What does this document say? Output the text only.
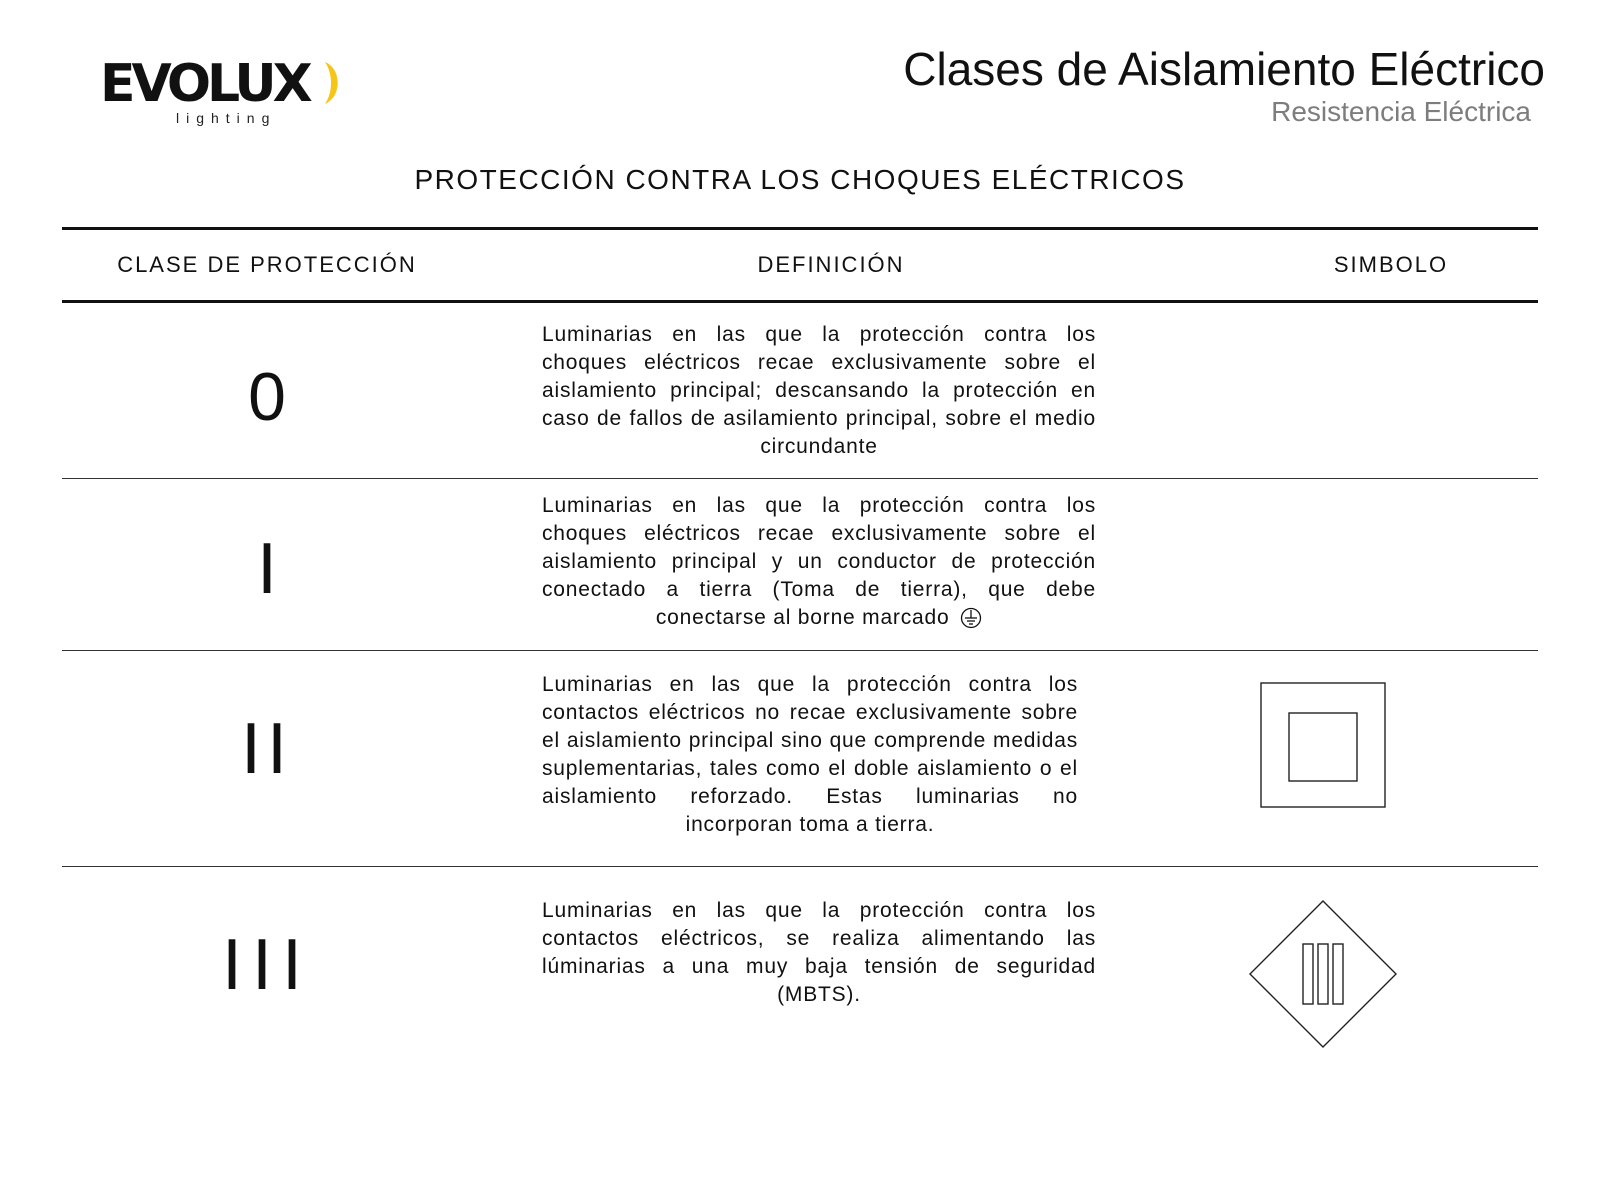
EVOLUX
lighting
Clases de Aislamiento Eléctrico
Resistencia Eléctrica
PROTECCIÓN CONTRA LOS CHOQUES ELÉCTRICOS
CLASE DE PROTECCIÓN	DEFINICIÓN	SIMBOLO
0
Luminarias en las que la protección contra los choques eléctricos recae exclusivamente sobre el aislamiento principal; descansando la protección en caso de fallos de asilamiento principal, sobre el medio circundante
I
Luminarias en las que la protección contra los choques eléctricos recae exclusivamente sobre el aislamiento principal y un conductor de protección conectado a tierra (Toma de tierra), que debe conectarse al borne marcado
II
Luminarias en las que la protección contra los contactos eléctricos no recae exclusivamente sobre el aislamiento principal sino que comprende medidas suplementarias, tales como el doble aislamiento o el aislamiento reforzado. Estas luminarias no incorporan toma a tierra.
III
Luminarias en las que la protección contra los contactos eléctricos, se realiza alimentando las lúminarias a una muy baja tensión de seguridad (MBTS).
